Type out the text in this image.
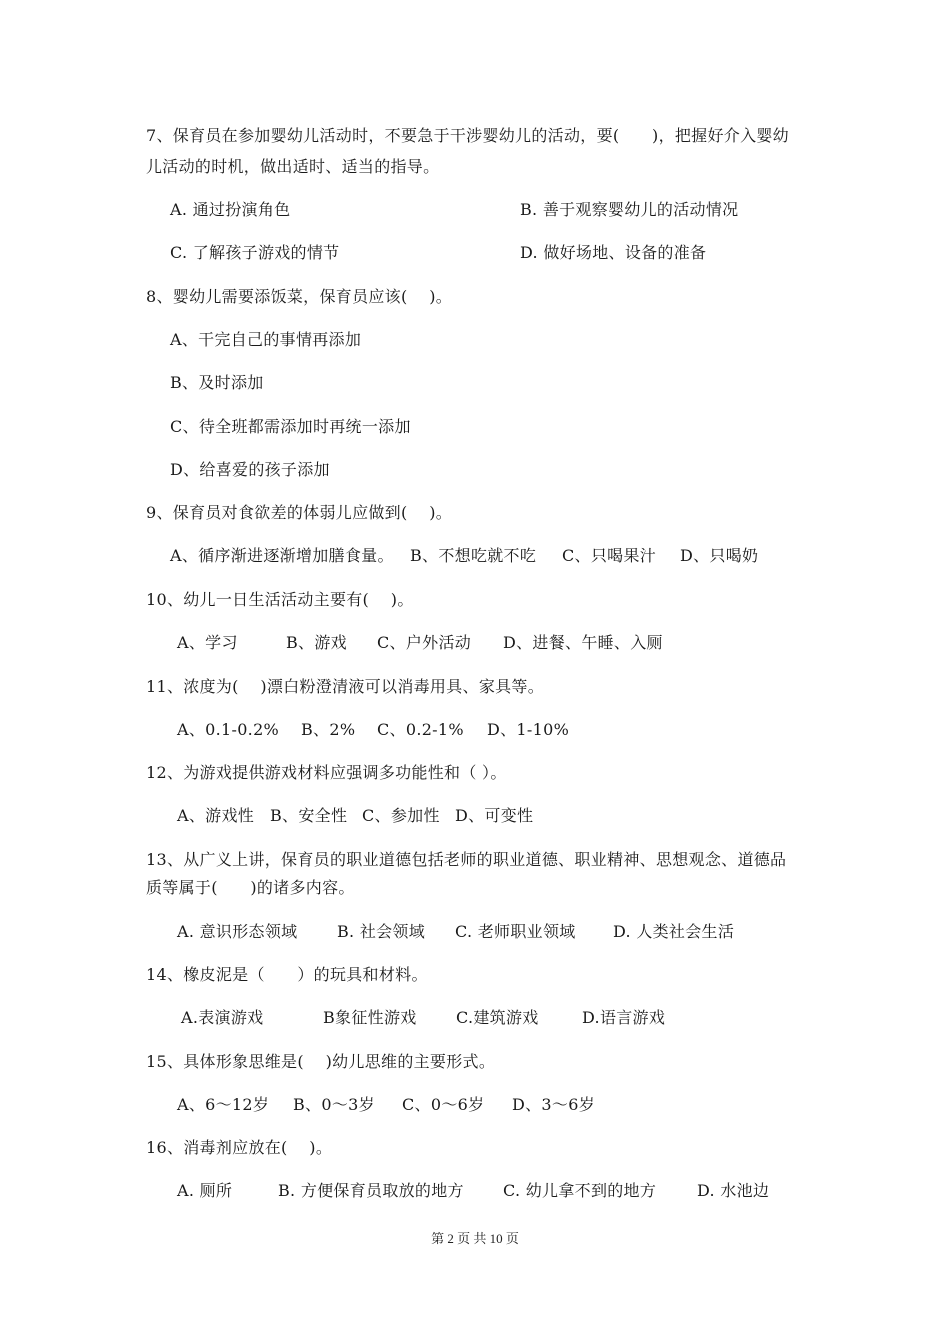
7、保育员在参加婴幼儿活动时，不要急于干涉婴幼儿的活动，要(　　)，把握好介入婴幼
儿活动的时机，做出适时、适当的指导。
A. 通过扮演角色	B. 善于观察婴幼儿的活动情况
C. 了解孩子游戏的情节	D. 做好场地、设备的准备
8、婴幼儿需要添饭菜，保育员应该(　 )。
A、干完自己的事情再添加
B、及时添加
C、待全班都需添加时再统一添加
D、给喜爱的孩子添加
9、保育员对食欲差的体弱儿应做到(　 )。
A、循序渐进逐渐增加膳食量。 B、不想吃就不吃 C、只喝果汁 D、只喝奶
10、幼儿一日生活活动主要有(　 )。
A、学习	B、游戏 C、户外活动 D、进餐、午睡、入厕
11、浓度为(　 )漂白粉澄清液可以消毒用具、家具等。
A、0.1-0.2% B、2% C、0.2-1% D、1-10%
12、为游戏提供游戏材料应强调多功能性和（ ）。
A、游戏性 B、安全性 C、参加性 D、可变性
13、从广义上讲，保育员的职业道德包括老师的职业道德、职业精神、思想观念、道德品
质等属于(　　)的诸多内容。
A. 意识形态领域 B. 社会领域 C. 老师职业领域 D. 人类社会生活
14、橡皮泥是（　　）的玩具和材料。
A.表演游戏	B象征性游戏 C.建筑游戏	D.语言游戏
15、具体形象思维是(　 )幼儿思维的主要形式。
A、6～12岁 B、0～3岁 C、0～6岁 D、3～6岁
16、消毒剂应放在(　 )。
A. 厕所	B. 方便保育员取放的地方 C. 幼儿拿不到的地方	D. 水池边
第 2 页 共 10 页
